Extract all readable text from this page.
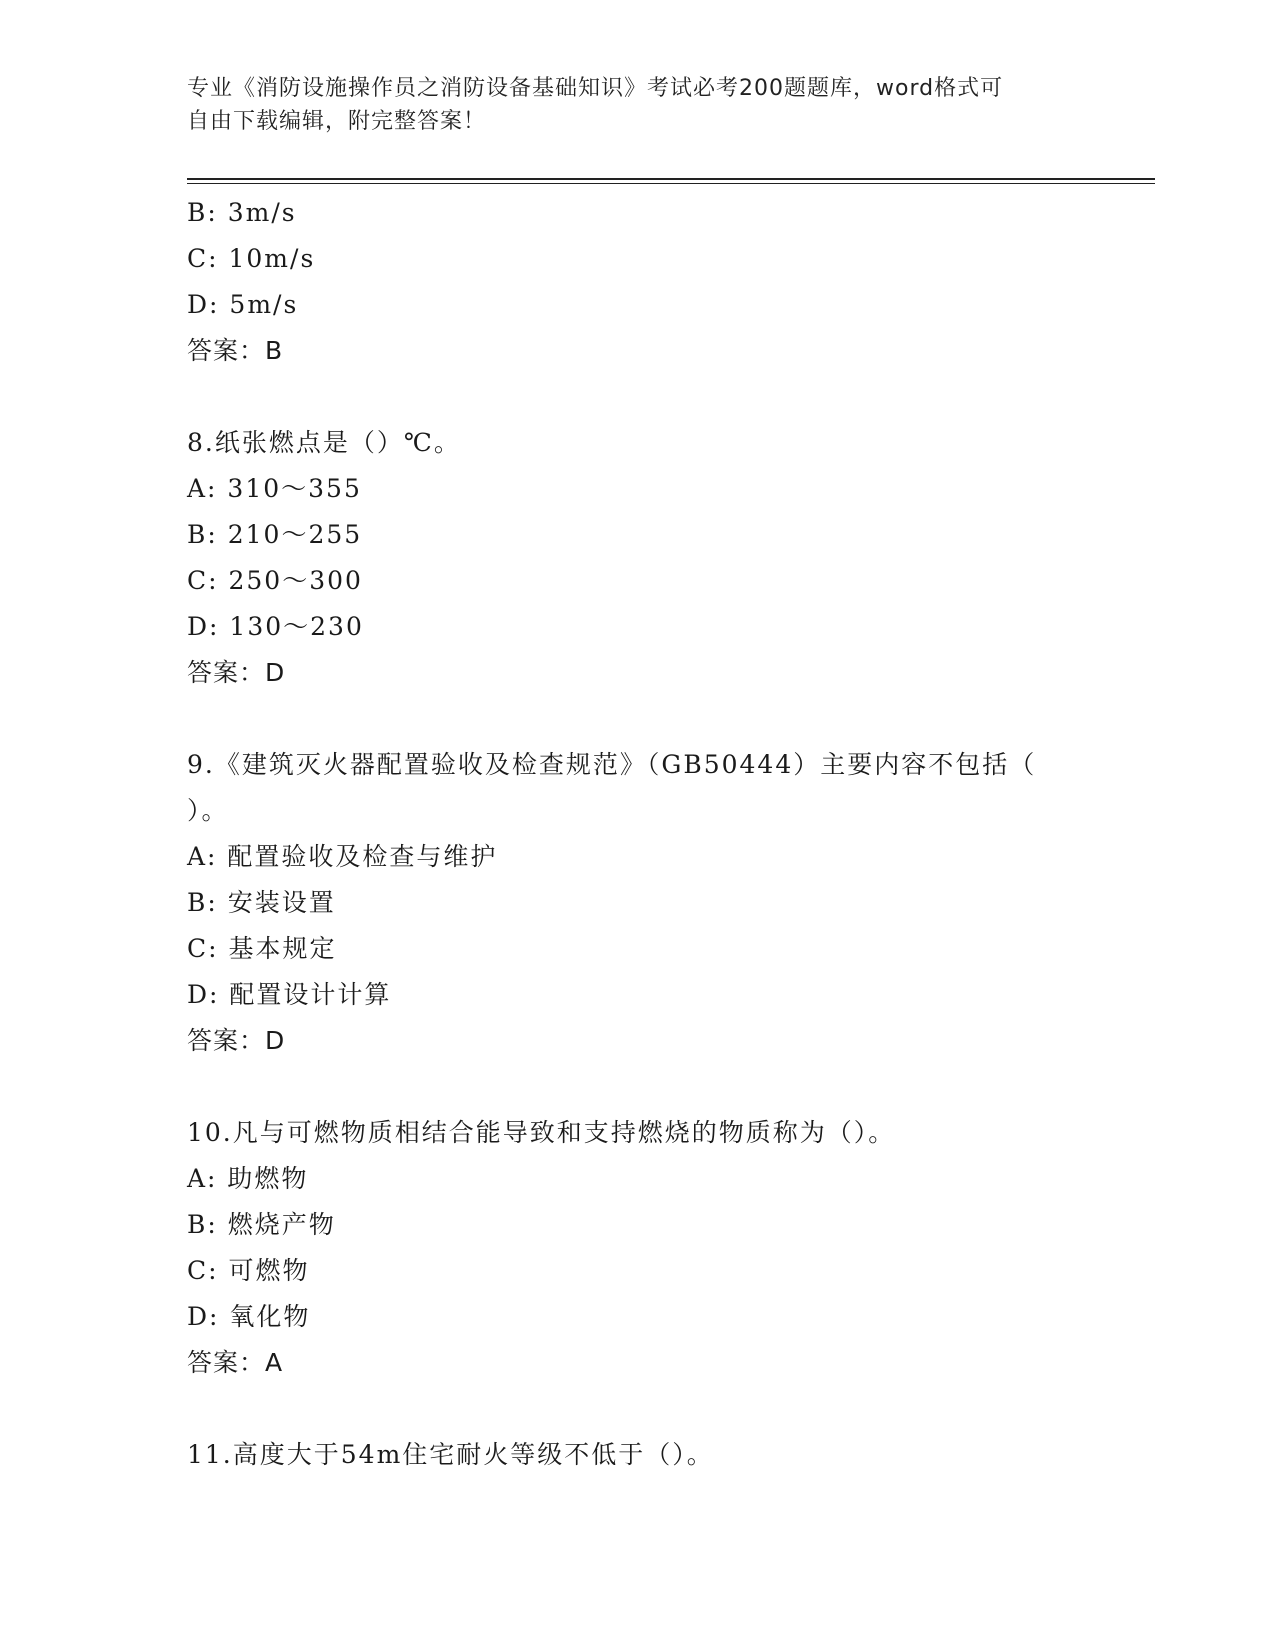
专业《消防设施操作员之消防设备基础知识》考试必考200题题库，word格式可
自由下载编辑，附完整答案！
B: 3m/s
C: 10m/s
D: 5m/s
答案：B
8.纸张燃点是（）℃。
A: 310～355
B: 210～255
C: 250～300
D: 130～230
答案：D
9.《建筑灭火器配置验收及检查规范》（GB50444）主要内容不包括（
）。
A: 配置验收及检查与维护
B: 安装设置
C: 基本规定
D: 配置设计计算
答案：D
10.凡与可燃物质相结合能导致和支持燃烧的物质称为（）。
A: 助燃物
B: 燃烧产物
C: 可燃物
D: 氧化物
答案：A
11.高度大于54m住宅耐火等级不低于（）。
